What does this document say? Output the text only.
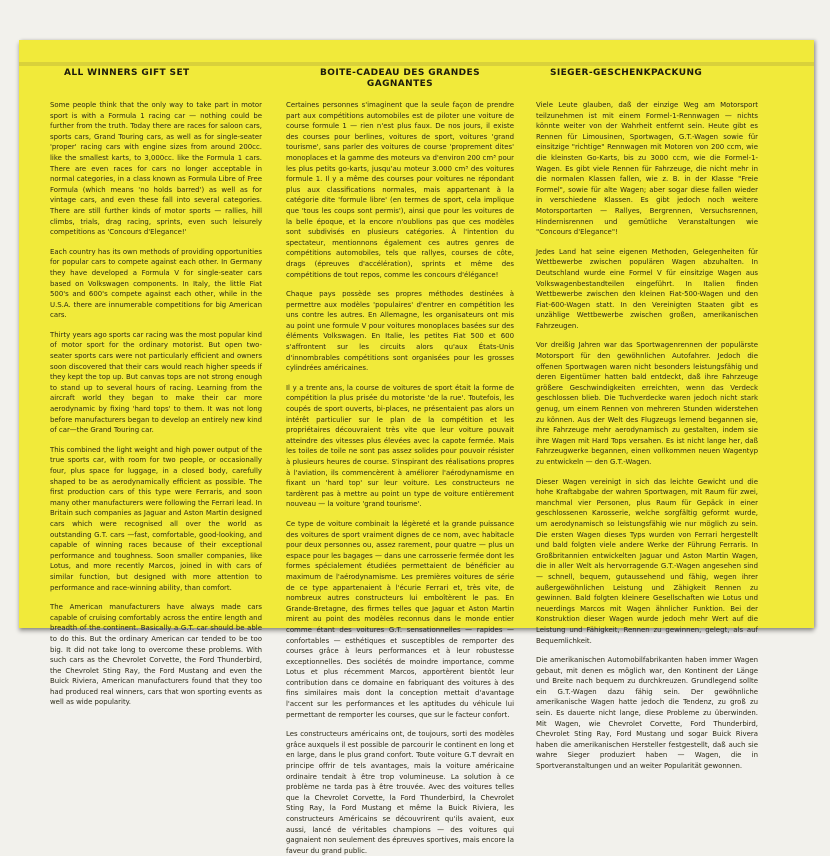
ALL WINNERS GIFT SET

Some people think that the only way to take part in motor sport is with a Formula 1 racing car — nothing could be further from the truth. Today there are races for saloon cars, sports cars, Grand Touring cars, as well as for single-seater 'proper' racing cars with engine sizes from around 200cc. like the smallest karts, to 3,000cc. like the Formula 1 cars. There are even races for cars no longer acceptable in normal categories, in a class known as Formula Libre of Free Formula (which means 'no holds barred') as well as for vintage cars, and even these fall into several categories. There are still further kinds of motor sports — rallies, hill climbs, trials, drag racing, sprints, even such leisurely competitions as 'Concours d'Elegance!'

Each country has its own methods of providing opportunities for popular cars to compete against each other. In Germany they have developed a Formula V for single-seater cars based on Volkswagen components. In Italy, the little Fiat 500's and 600's compete against each other, while in the U.S.A. there are innumerable competitions for big American cars.

Thirty years ago sports car racing was the most popular kind of motor sport for the ordinary motorist. But open two-seater sports cars were not particularly efficient and owners soon discovered that their cars would reach higher speeds if they kept the top up. But canvas tops are not strong enough to stand up to several hours of racing. Learning from the aircraft world they began to make their car more aerodynamic by fixing 'hard tops' to them. It was not long before manufacturers began to develop an entirely new kind of car—the Grand Touring car.

This combined the light weight and high power output of the true sports car, with room for two people, or occasionally four, plus space for luggage, in a closed body, carefully shaped to be as aerodynamically efficient as possible. The first production cars of this type were Ferraris, and soon many other manufacturers were following the Ferrari lead. In Britain such companies as Jaguar and Aston Martin designed cars which were recognised all over the world as outstanding G.T. cars —fast, comfortable, good-looking, and capable of winning races because of their exceptional performance and toughness. Soon smaller companies, like Lotus, and more recently Marcos, joined in with cars of similar function, but designed with more attention to performance and race-winning ability, than comfort.

The American manufacturers have always made cars capable of cruising comfortably across the entire length and breadth of the continent. Basically a G.T. car should be able to do this. But the ordinary American car tended to be too big. It did not take long to overcome these problems. With such cars as the Chevrolet Corvette, the Ford Thunderbird, the Chevrolet Sting Ray, the Ford Mustang and even the Buick Riviera, American manufacturers found that they too had produced real winners, cars that won sporting events as well as wide popularity.

BOITE-CADEAU DES GRANDES GAGNANTES

Certaines personnes s'imaginent que la seule façon de prendre part aux compétitions automobiles est de piloter une voiture de course formule 1 — rien n'est plus faux. De nos jours, il existe des courses pour berlines, voitures de sport, voitures 'grand tourisme', sans parler des voitures de course 'proprement dites' monoplaces et la gamme des moteurs va d'environ 200 cm³ pour les plus petits go-karts, jusqu'au moteur 3.000 cm³ des voitures formule 1. Il y a même des courses pour voitures ne répondant plus aux classifications normales, mais appartenant à la catégorie dite 'formule libre' (en termes de sport, cela implique que 'tous les coups sont permis'), ainsi que pour les voitures de la belle époque, et la encore n'oublions pas que ces modèles sont subdivisés en plusieurs catégories. À l'intention du spectateur, mentionnons également ces autres genres de compétitions automobiles, tels que rallyes, courses de côte, drags (épreuves d'accélération), sprints et même des compétitions de tout repos, comme les concours d'élégance!

Chaque pays possède ses propres méthodes destinées à permettre aux modèles 'populaires' d'entrer en compétition les uns contre les autres. En Allemagne, les organisateurs ont mis au point une formule V pour voitures monoplaces basées sur des éléments Volkswagen. En Italie, les petites Fiat 500 et 600 s'affrontent sur les circuits alors qu'aux États-Unis d'innombrables compétitions sont organisées pour les grosses cylindrées américaines.

Il y a trente ans, la course de voitures de sport était la forme de compétition la plus prisée du motoriste 'de la rue'. Toutefois, les coupés de sport ouverts, bi-places, ne présentaient pas alors un intérêt particulier sur le plan de la compétition et les propriétaires découvraient très vite que leur voiture pouvait atteindre des vitesses plus élevées avec la capote fermée. Mais les toiles de toile ne sont pas assez solides pour pouvoir résister à plusieurs heures de course. S'inspirant des réalisations propres à l'aviation, ils commencèrent à améliorer l'aérodynamisme en fixant un 'hard top' sur leur voiture. Les constructeurs ne tardèrent pas à mettre au point un type de voiture entièrement nouveau — la voiture 'grand tourisme'.

Ce type de voiture combinait la légèreté et la grande puissance des voitures de sport vraiment dignes de ce nom, avec habitacle pour deux personnes ou, assez rarement, pour quatre — plus un espace pour les bagages — dans une carrosserie fermée dont les formes spécialement étudiées permettaient de bénéficier au maximum de l'aérodynamisme. Les premières voitures de série de ce type appartenaient à l'écurie Ferrari et, très vite, de nombreux autres constructeurs lui emboîtèrent le pas. En Grande-Bretagne, des firmes telles que Jaguar et Aston Martin mirent au point des modèles reconnus dans le monde entier comme étant des voitures G.T. sensationnelles — rapides — confortables — esthétiques et susceptibles de remporter des courses grâce à leurs performances et à leur robustesse exceptionnelles. Des sociétés de moindre importance, comme Lotus et plus récemment Marcos, apportèrent bientôt leur contribution dans ce domaine en fabriquant des voitures à des fins similaires mais dont la conception mettait d'avantage l'accent sur les performances et les aptitudes du véhicule lui permettant de remporter les courses, que sur le facteur confort.

Les constructeurs américains ont, de toujours, sorti des modèles grâce auxquels il est possible de parcourir le continent en long et en large, dans le plus grand confort. Toute voiture G.T devrait en principe offrir de tels avantages, mais la voiture américaine ordinaire tendait à être trop volumineuse. La solution à ce problème ne tarda pas à être trouvée. Avec des voitures telles que la Chevrolet Corvette, la Ford Thunderbird, la Chevrolet Sting Ray, la Ford Mustang et même la Buick Riviera, les constructeurs Américains se découvrirent qu'ils avaient, eux aussi, lancé de véritables champions — des voitures qui gagnaient non seulement des épreuves sportives, mais encore la faveur du grand public.

SIEGER-GESCHENKPACKUNG

Viele Leute glauben, daß der einzige Weg am Motorsport teilzunehmen ist mit einem Formel-1-Rennwagen — nichts könnte weiter von der Wahrheit entfernt sein. Heute gibt es Rennen für Limousinen, Sportwagen, G.T.-Wagen sowie für einsitzige "richtige" Rennwagen mit Motoren von 200 ccm, wie die kleinsten Go-Karts, bis zu 3000 ccm, wie die Formel-1-Wagen. Es gibt viele Rennen für Fahrzeuge, die nicht mehr in die normalen Klassen fallen, wie z. B. in der Klasse "Freie Formel", sowie für alte Wagen; aber sogar diese fallen wieder in verschiedene Klassen. Es gibt jedoch noch weitere Motorsportarten — Rallyes, Bergrennen, Versuchsrennen, Hindernisrennen und gemütliche Veranstaltungen wie "Concours d'Elegance"!

Jedes Land hat seine eigenen Methoden, Gelegenheiten für Wettbewerbe zwischen populären Wagen abzuhalten. In Deutschland wurde eine Formel V für einsitzige Wagen aus Volkswagenbestandteilen eingeführt. In Italien finden Wettbewerbe zwischen den kleinen Fiat-500-Wagen und den Fiat-600-Wagen statt. In den Vereinigten Staaten gibt es unzählige Wettbewerbe zwischen großen, amerikanischen Fahrzeugen.

Vor dreißig Jahren war das Sportwagenrennen der populärste Motorsport für den gewöhnlichen Autofahrer. Jedoch die offenen Sportwagen waren nicht besonders leistungsfähig und deren Eigentümer hatten bald entdeckt, daß ihre Fahrzeuge größere Geschwindigkeiten erreichten, wenn das Verdeck geschlossen blieb. Die Tuchverdecke waren jedoch nicht stark genug, um einem Rennen von mehreren Stunden widerstehen zu können. Aus der Welt des Flugzeugs lernend begannen sie, ihre Fahrzeuge mehr aerodynamisch zu gestalten, indem sie ihre Wagen mit Hard Tops versahen. Es ist nicht lange her, daß Fahrzeugwerke begannen, einen vollkommen neuen Wagentyp zu entwickeln — den G.T.-Wagen.

Dieser Wagen vereinigt in sich das leichte Gewicht und die hohe Kraftabgabe der wahren Sportwagen, mit Raum für zwei, manchmal vier Personen, plus Raum für Gepäck in einer geschlossenen Karosserie, welche sorgfältig geformt wurde, um aerodynamisch so leistungsfähig wie nur möglich zu sein. Die ersten Wagen dieses Typs wurden von Ferrari hergestellt und bald folgten viele andere Werke der Führung Ferraris. In Großbritannien entwickelten Jaguar und Aston Martin Wagen, die in aller Welt als hervorragende G.T.-Wagen angesehen sind — schnell, bequem, gutaussehend und fähig, wegen ihrer außergewöhnlichen Leistung und Zähigkeit Rennen zu gewinnen. Bald folgten kleinere Gesellschaften wie Lotus und neuerdings Marcos mit Wagen ähnlicher Funktion. Bei der Konstruktion dieser Wagen wurde jedoch mehr Wert auf die Leistung und Fähigkeit, Rennen zu gewinnen, gelegt, als auf Bequemlichkeit.

Die amerikanischen Automobilfabrikanten haben immer Wagen gebaut, mit denen es möglich war, den Kontinent der Länge und Breite nach bequem zu durchkreuzen. Grundlegend sollte ein G.T.-Wagen dazu fähig sein. Der gewöhnliche amerikanische Wagen hatte jedoch die Tendenz, zu groß zu sein. Es dauerte nicht lange, diese Probleme zu überwinden. Mit Wagen, wie Chevrolet Corvette, Ford Thunderbird, Chevrolet Sting Ray, Ford Mustang und sogar Buick Rivera haben die amerikanischen Hersteller festgestellt, daß auch sie wahre Sieger produziert haben — Wagen, die in Sportveranstaltungen und an weiter Popularität gewonnen.
